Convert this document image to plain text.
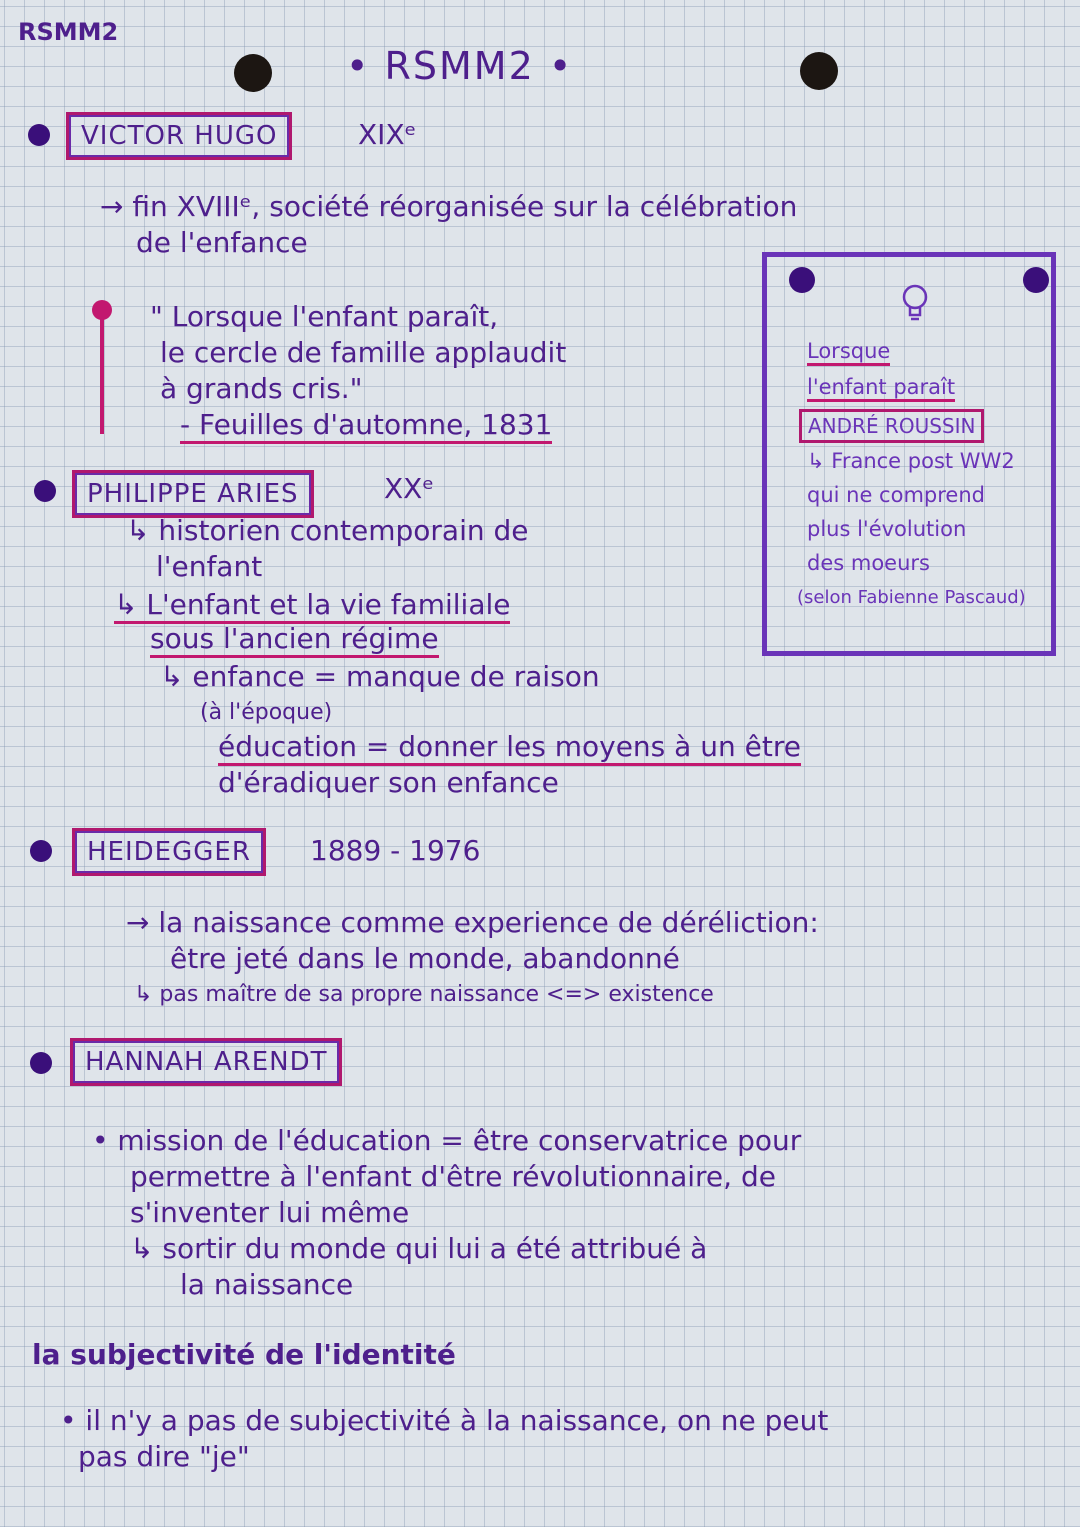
RSMM2
• RSMM2 •
VICTOR HUGO	XIXᵉ
→ fin XVIIIᵉ, société réorganisée sur la célébration
de l'enfance
" Lorsque l'enfant paraît,
le cercle de famille applaudit
à grands cris."
- Feuilles d'automne, 1831
PHILIPPE ARIES	XXᵉ
↳ historien contemporain de
l'enfant
↳ L'enfant et la vie familiale
sous l'ancien régime
↳ enfance = manque de raison
(à l'époque)
éducation = donner les moyens à un être
d'éradiquer son enfance
HEIDEGGER	1889 - 1976
→ la naissance comme experience de déréliction:
être jeté dans le monde, abandonné
↳ pas maître de sa propre naissance <=> existence
HANNAH ARENDT
• mission de l'éducation = être conservatrice pour
permettre à l'enfant d'être révolutionnaire, de
s'inventer lui même
↳ sortir du monde qui lui a été attribué à
la naissance
la subjectivité de l'identité
• il n'y a pas de subjectivité à la naissance, on ne peut
pas dire "je"
Lorsque
l'enfant paraît
ANDRÉ ROUSSIN
↳ France post WW2
qui ne comprend
plus l'évolution
des moeurs
(selon Fabienne Pascaud)
